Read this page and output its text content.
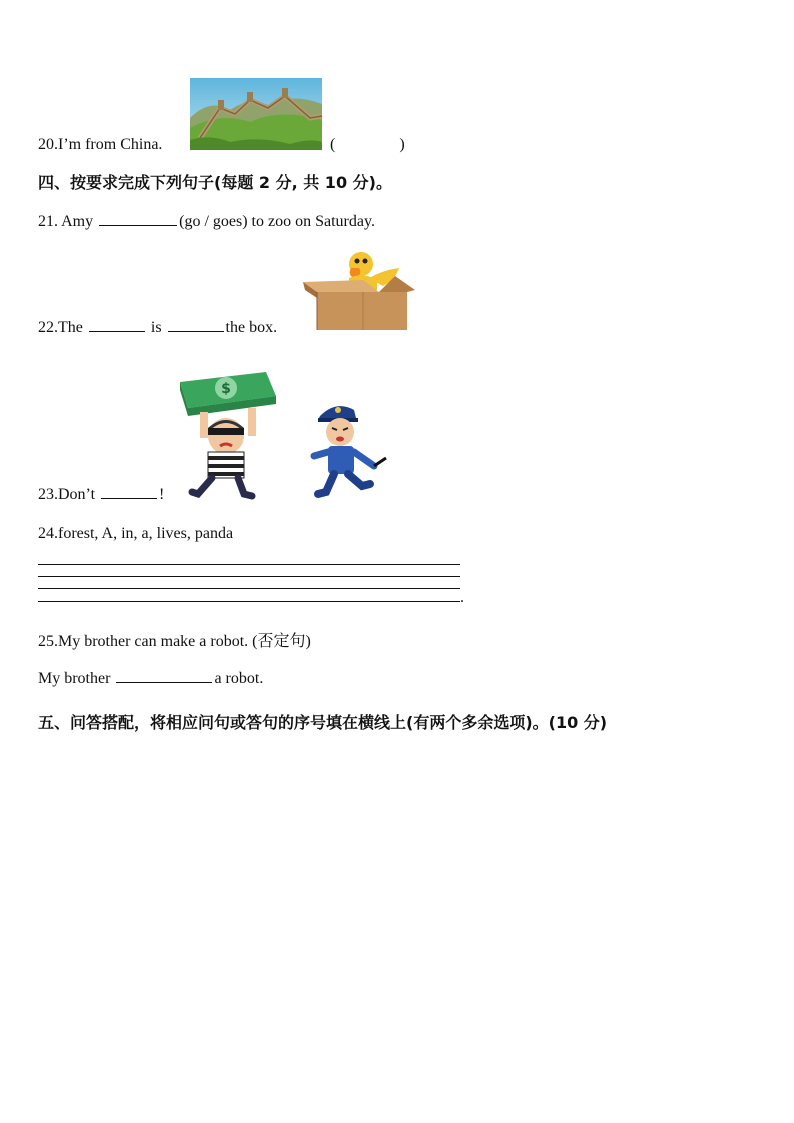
20.I’m from China.	(	)
四、按要求完成下列句子(每题 2 分, 共 10 分)。
21. Amy	(go / goes) to zoo on Saturday.
22.The	is	the box.
$
23.Don’t	!
24.forest, A, in, a, lives, panda
.
25.My brother can make a robot. (否定句)
My brother	a robot.
五、问答搭配，将相应问句或答句的序号填在横线上(有两个多余选项)。(10 分)
